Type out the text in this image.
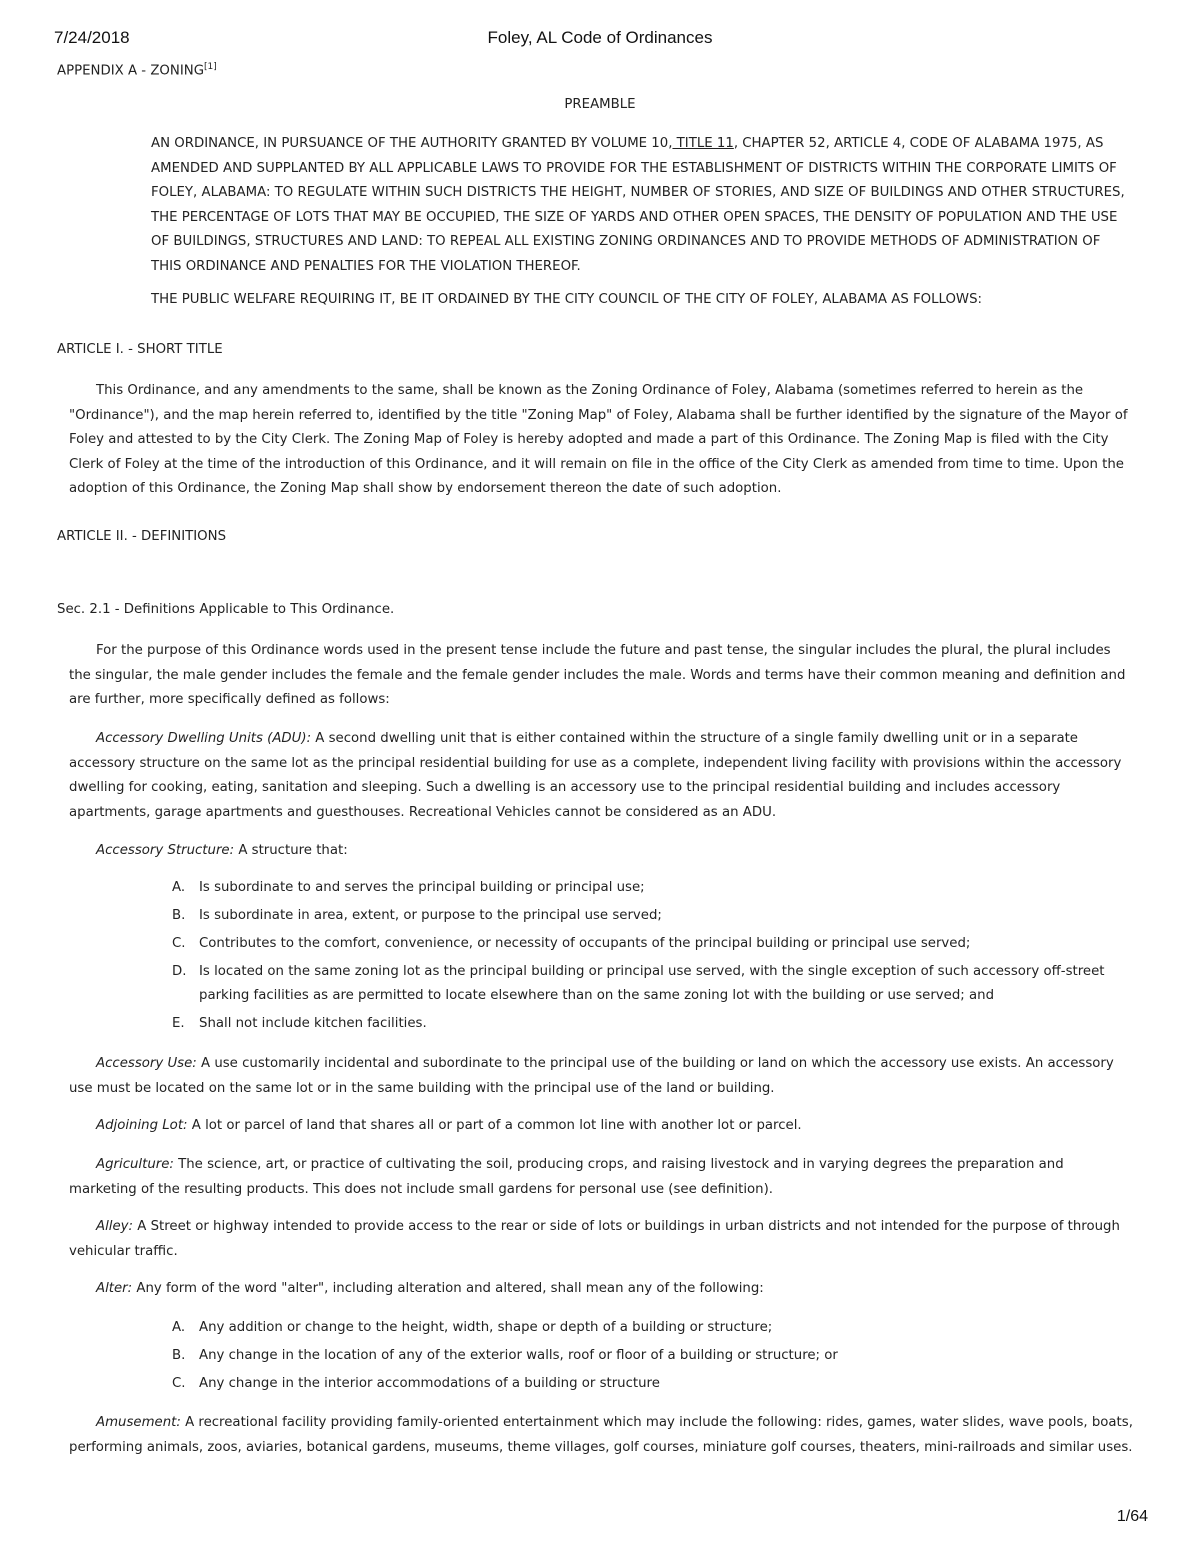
7/24/2018	Foley, AL Code of Ordinances
APPENDIX A - ZONING[1]
PREAMBLE

AN ORDINANCE, IN PURSUANCE OF THE AUTHORITY GRANTED BY VOLUME 10, TITLE 11, CHAPTER 52, ARTICLE 4, CODE OF ALABAMA 1975, AS AMENDED AND SUPPLANTED BY ALL APPLICABLE LAWS TO PROVIDE FOR THE ESTABLISHMENT OF DISTRICTS WITHIN THE CORPORATE LIMITS OF FOLEY, ALABAMA: TO REGULATE WITHIN SUCH DISTRICTS THE HEIGHT, NUMBER OF STORIES, AND SIZE OF BUILDINGS AND OTHER STRUCTURES, THE PERCENTAGE OF LOTS THAT MAY BE OCCUPIED, THE SIZE OF YARDS AND OTHER OPEN SPACES, THE DENSITY OF POPULATION AND THE USE OF BUILDINGS, STRUCTURES AND LAND: TO REPEAL ALL EXISTING ZONING ORDINANCES AND TO PROVIDE METHODS OF ADMINISTRATION OF THIS ORDINANCE AND PENALTIES FOR THE VIOLATION THEREOF.

THE PUBLIC WELFARE REQUIRING IT, BE IT ORDAINED BY THE CITY COUNCIL OF THE CITY OF FOLEY, ALABAMA AS FOLLOWS:

ARTICLE I. - SHORT TITLE

This Ordinance, and any amendments to the same, shall be known as the Zoning Ordinance of Foley, Alabama (sometimes referred to herein as the "Ordinance"), and the map herein referred to, identified by the title "Zoning Map" of Foley, Alabama shall be further identified by the signature of the Mayor of Foley and attested to by the City Clerk. The Zoning Map of Foley is hereby adopted and made a part of this Ordinance. The Zoning Map is filed with the City Clerk of Foley at the time of the introduction of this Ordinance, and it will remain on file in the office of the City Clerk as amended from time to time. Upon the adoption of this Ordinance, the Zoning Map shall show by endorsement thereon the date of such adoption.

ARTICLE II. - DEFINITIONS

Sec. 2.1 - Definitions Applicable to This Ordinance.

For the purpose of this Ordinance words used in the present tense include the future and past tense, the singular includes the plural, the plural includes the singular, the male gender includes the female and the female gender includes the male. Words and terms have their common meaning and definition and are further, more specifically defined as follows:

Accessory Dwelling Units (ADU): A second dwelling unit that is either contained within the structure of a single family dwelling unit or in a separate accessory structure on the same lot as the principal residential building for use as a complete, independent living facility with provisions within the accessory dwelling for cooking, eating, sanitation and sleeping. Such a dwelling is an accessory use to the principal residential building and includes accessory apartments, garage apartments and guesthouses. Recreational Vehicles cannot be considered as an ADU.

Accessory Structure: A structure that:

A. Is subordinate to and serves the principal building or principal use;
B. Is subordinate in area, extent, or purpose to the principal use served;
C. Contributes to the comfort, convenience, or necessity of occupants of the principal building or principal use served;
D. Is located on the same zoning lot as the principal building or principal use served, with the single exception of such accessory off-street parking facilities as are permitted to locate elsewhere than on the same zoning lot with the building or use served; and
E. Shall not include kitchen facilities.

Accessory Use: A use customarily incidental and subordinate to the principal use of the building or land on which the accessory use exists. An accessory use must be located on the same lot or in the same building with the principal use of the land or building.

Adjoining Lot: A lot or parcel of land that shares all or part of a common lot line with another lot or parcel.

Agriculture: The science, art, or practice of cultivating the soil, producing crops, and raising livestock and in varying degrees the preparation and marketing of the resulting products. This does not include small gardens for personal use (see definition).

Alley: A Street or highway intended to provide access to the rear or side of lots or buildings in urban districts and not intended for the purpose of through vehicular traffic.

Alter: Any form of the word "alter", including alteration and altered, shall mean any of the following:

A. Any addition or change to the height, width, shape or depth of a building or structure;
B. Any change in the location of any of the exterior walls, roof or floor of a building or structure; or
C. Any change in the interior accommodations of a building or structure

Amusement: A recreational facility providing family-oriented entertainment which may include the following: rides, games, water slides, wave pools, boats, performing animals, zoos, aviaries, botanical gardens, museums, theme villages, golf courses, miniature golf courses, theaters, mini-railroads and similar uses.

1/64
